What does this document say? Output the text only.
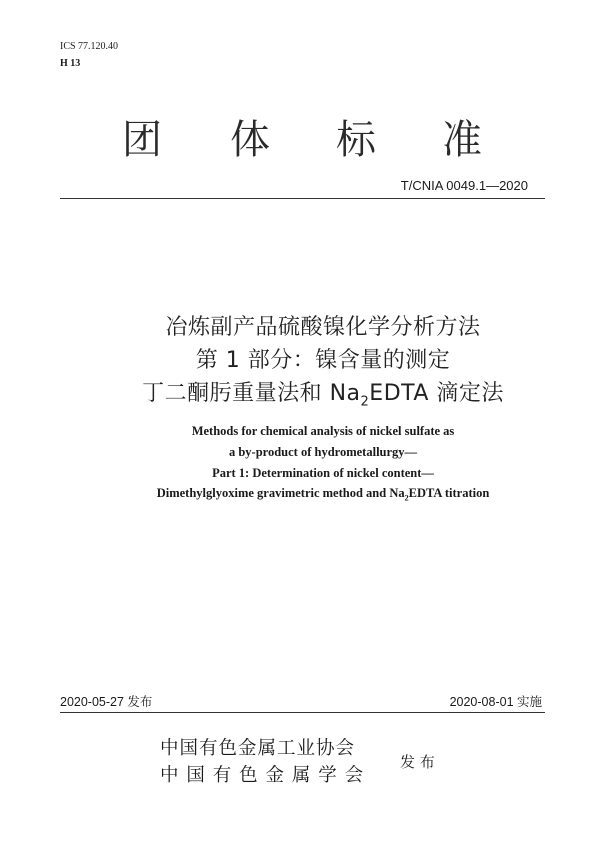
ICS 77.120.40
H 13
团 体 标 准
T/CNIA 0049.1—2020
冶炼副产品硫酸镍化学分析方法
第 1 部分：镍含量的测定
丁二酮肟重量法和 $Na_2EDTA$ 滴定法
Methods for chemical analysis of nickel sulfate as
a by-product of hydrometallurgy—
Part 1: Determination of nickel content—
Dimethylglyoxime gravimetric method and $Na_2EDTA$ titration
2020-05-27 发布	2020-08-01 实施
中国有色金属工业协会
中 国 有 色 金 属 学 会
发 布
